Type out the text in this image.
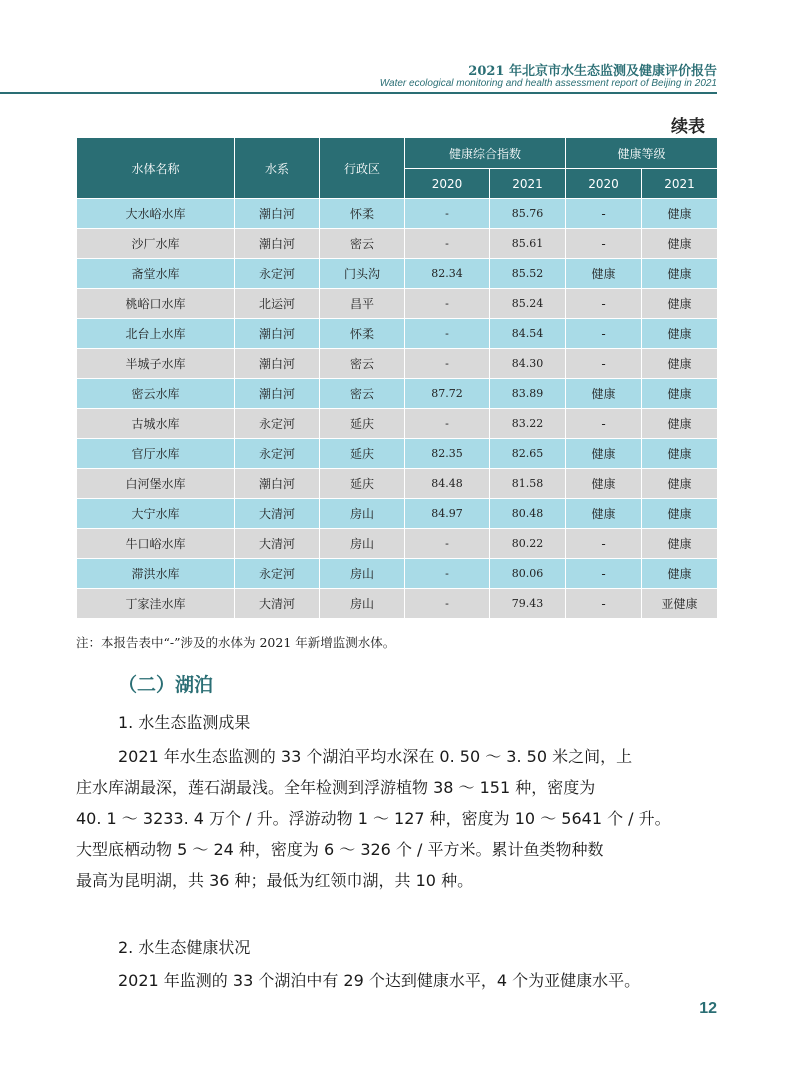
2021 年北京市水生态监测及健康评价报告
Water ecological monitoring and health assessment report of Beijing in 2021
续表
水体名称	水系	行政区	健康综合指数		健康等级	
			2020	2021	2020	2021
大水峪水库	潮白河	怀柔	-	85.76	-	健康
沙厂水库	潮白河	密云	-	85.61	-	健康
斋堂水库	永定河	门头沟	82.34	85.52	健康	健康
桃峪口水库	北运河	昌平	-	85.24	-	健康
北台上水库	潮白河	怀柔	-	84.54	-	健康
半城子水库	潮白河	密云	-	84.30	-	健康
密云水库	潮白河	密云	87.72	83.89	健康	健康
古城水库	永定河	延庆	-	83.22	-	健康
官厅水库	永定河	延庆	82.35	82.65	健康	健康
白河堡水库	潮白河	延庆	84.48	81.58	健康	健康
大宁水库	大清河	房山	84.97	80.48	健康	健康
牛口峪水库	大清河	房山	-	80.22	-	健康
滞洪水库	永定河	房山	-	80.06	-	健康
丁家洼水库	大清河	房山	-	79.43	-	亚健康
注：本报告表中“-”涉及的水体为 2021 年新增监测水体。
（二）湖泊
1. 水生态监测成果
2021 年水生态监测的 33 个湖泊平均水深在 0. 50 ～ 3. 50 米之间，上
庄水库湖最深，莲石湖最浅。全年检测到浮游植物 38 ～ 151 种，密度为
40. 1 ～ 3233. 4 万个 / 升。浮游动物 1 ～ 127 种，密度为 10 ～ 5641 个 / 升。
大型底栖动物 5 ～ 24 种，密度为 6 ～ 326 个 / 平方米。累计鱼类物种数
最高为昆明湖，共 36 种；最低为红领巾湖，共 10 种。
2. 水生态健康状况
2021 年监测的 33 个湖泊中有 29 个达到健康水平，4 个为亚健康水平。
12
